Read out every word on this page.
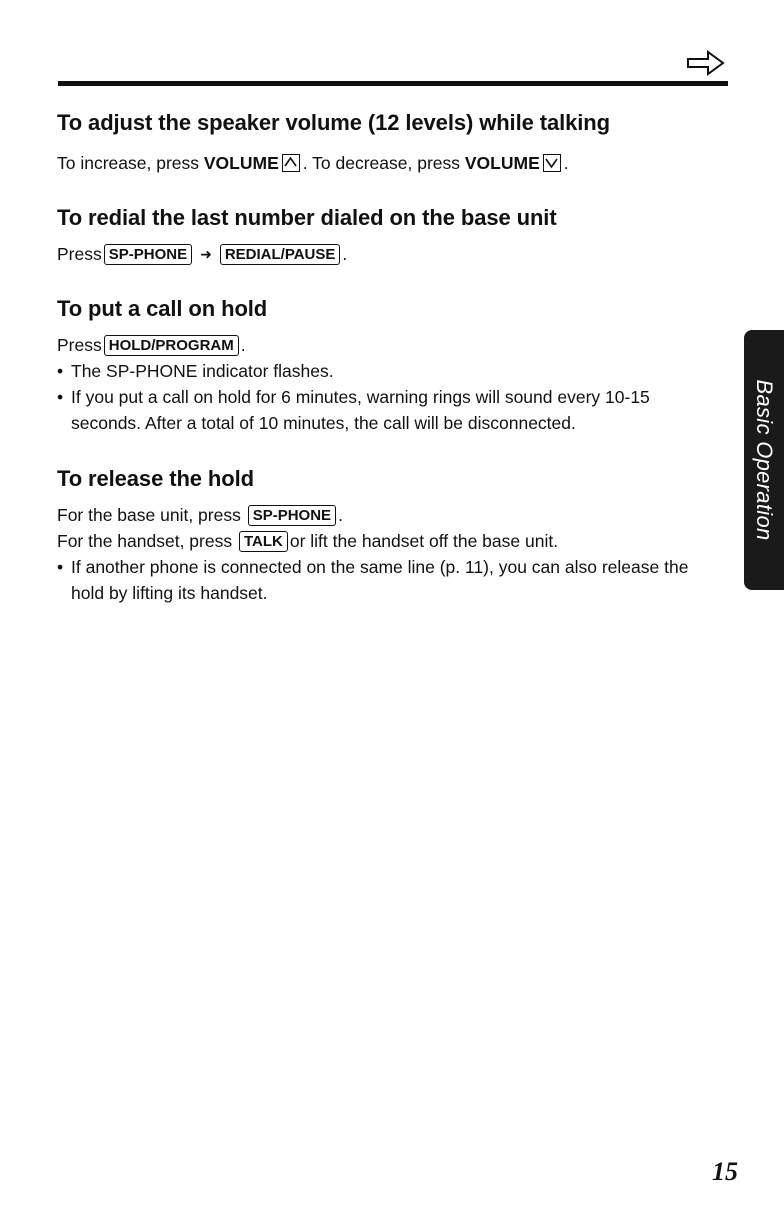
To adjust the speaker volume (12 levels) while talking

To increase, press VOLUME . To decrease, press VOLUME .

To redial the last number dialed on the base unit

Press SP-PHONE ➜ REDIAL/PAUSE .

To put a call on hold

Press HOLD/PROGRAM .

• The SP-PHONE indicator flashes.
• If you put a call on hold for 6 minutes, warning rings will sound every 10-15 seconds. After a total of 10 minutes, the call will be disconnected.
To release the hold

For the base unit, press SP-PHONE .

For the handset, press TALK or lift the handset off the base unit.

• If another phone is connected on the same line (p. 11), you can also release the hold by lifting its handset.
Basic Operation
15
